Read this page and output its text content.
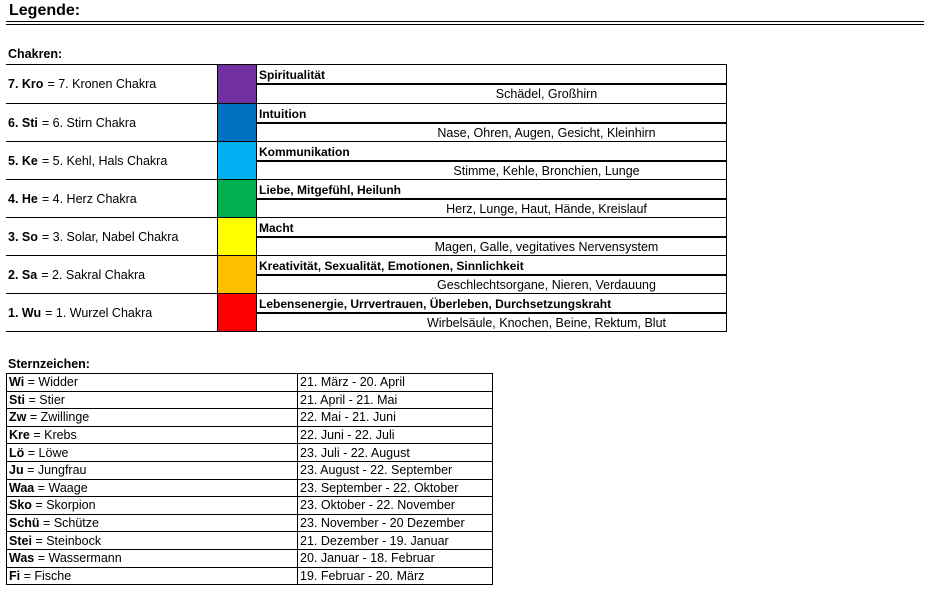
Legende:
Chakren:
7. Kro = 7. Kronen Chakra
Spiritualität
Schädel, Großhirn
6. Sti = 6. Stirn Chakra
Intuition
Nase, Ohren, Augen, Gesicht, Kleinhirn
5. Ke = 5. Kehl, Hals Chakra
Kommunikation
Stimme, Kehle, Bronchien, Lunge
4. He = 4. Herz Chakra
Liebe, Mitgefühl, Heilunh
Herz, Lunge, Haut, Hände, Kreislauf
3. So = 3. Solar, Nabel Chakra
Macht
Magen, Galle, vegitatives Nervensystem
2. Sa = 2. Sakral Chakra
Kreativität, Sexualität, Emotionen, Sinnlichkeit
Geschlechtsorgane, Nieren, Verdauung
1. Wu = 1. Wurzel Chakra
Lebensenergie, Urrvertrauen, Überleben, Durchsetzungskraht
Wirbelsäule, Knochen, Beine, Rektum, Blut
Sternzeichen:
Wi = Widder	21. März - 20. April
Sti = Stier	21. April - 21. Mai
Zw = Zwillinge	22. Mai - 21. Juni
Kre = Krebs	22. Juni - 22. Juli
Lö = Löwe	23. Juli - 22. August
Ju = Jungfrau	23. August - 22. September
Waa = Waage	23. September - 22. Oktober
Sko = Skorpion	23. Oktober - 22. November
Schü = Schütze	23. November - 20 Dezember
Stei = Steinbock	21. Dezember - 19. Januar
Was = Wassermann	20. Januar - 18. Februar
Fi = Fische	19. Februar - 20. März
